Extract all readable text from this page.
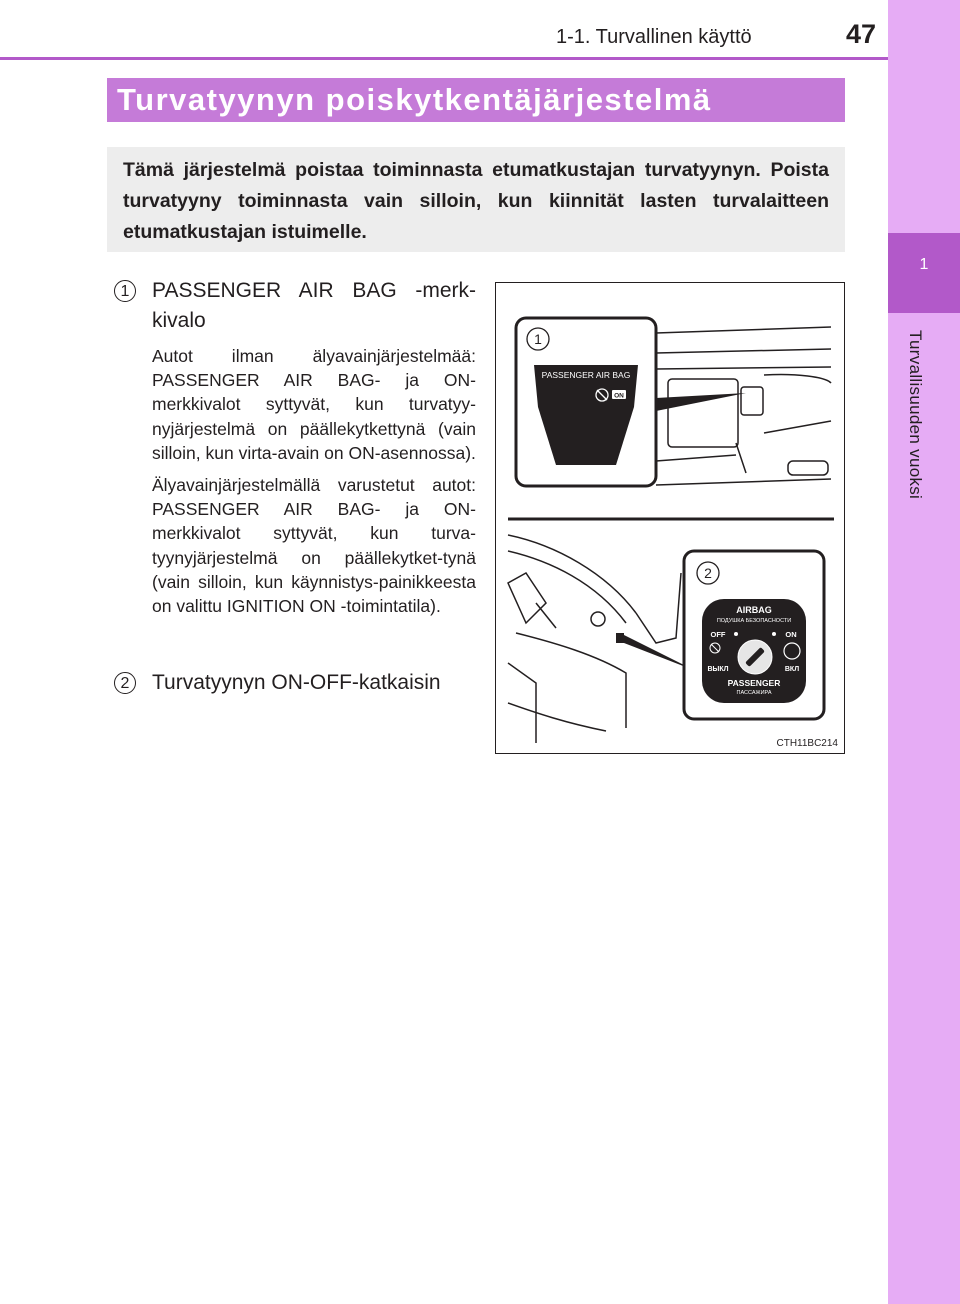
1
Turvallisuuden vuoksi
1-1. Turvallinen käyttö	47
Turvatyynyn poiskytkentäjärjestelmä
Tämä järjestelmä poistaa toiminnasta etumatkustajan turvatyynyn. Poista turvatyyny toiminnasta vain silloin, kun kiinnität lasten turvalaitteen etumatkustajan istuimelle.
1	PASSENGER AIR BAG -merk-kivalo
Autot ilman älyavainjärjestelmää: PASSENGER AIR BAG- ja ON-merkkivalot syttyvät, kun turvatyy-nyjärjestelmä on päällekytkettynä (vain silloin, kun virta-avain on ON-asennossa).
Älyavainjärjestelmällä varustetut autot: PASSENGER AIR BAG- ja ON-merkkivalot syttyvät, kun turva-tyynyjärjestelmä on päällekytket-tynä (vain silloin, kun käynnistys-painikkeesta on valittu IGNITION ON -toimintatila).
2	Turvatyynyn ON-OFF-katkaisin
1
PASSENGER AIR BAG
ON
2
AIRBAG
ПОДУШКА БЕЗОПАСНОСТИ
OFF	ON
ВЫКЛ	ВКЛ
PASSENGER
ПАССАЖИРА
CTH11BC214
